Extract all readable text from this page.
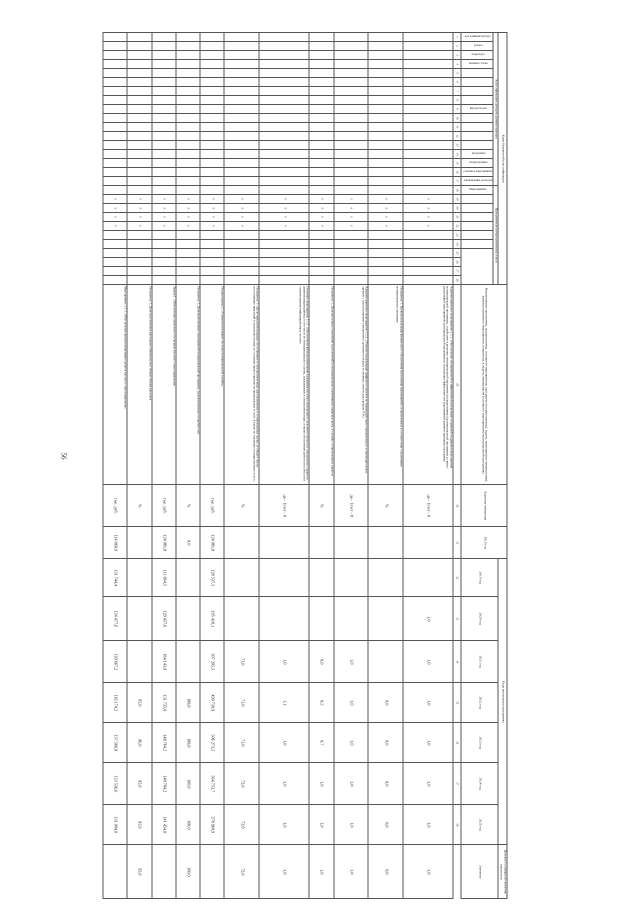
56
Коды бюджетной классификации																												Наименование программы, подпрограммы, основного мероприятия, программы (подпрограммы), задачи, мероприятия (направления), административного мероприятия, показателя, в задачи, мероприятия (основного мероприятия) муниципальной программы	Единица измерения	2018 год	Годы реализации программы							Целевое (суммарное) значение показателя
Классификация доходов администратора																	Программная (непрограммная) статья														2019 год	2020 год	2021 год	2022 год	2023 год	2024 год	2025 год	Значение
код администратора	раздел	подраздел	целевая статья					вид расходов					программа	подпрограмма	основное мероприятие	направление расходов	Мероприятие																					
1	2	3	4	5	6	7	8	9	10	11	12	13	14	15	16	17	18	19	20	21	22	23	24	25	26	27	28	29	30	31	32	33	34	35	36	37	38	
																		0	4	0	0							Административное мероприятие 1.1.1. «Обеспечение своевременной и эффективной реализации и правовой поддержки мероприятий муниципальной программы, содействие в решении муниципальной программы (подпрограммы) муниципальной программы в связи с реализацией мероприятий муниципальной программы и повышения эффективности мероприятий административных программ»	да - 1/нет - 0			1,0	1,0	1,0	1,0	1,0	1,0	1,0
																		0	4	0	0							Показатель 1. Уровень реализации финансового обеспечения исполнения мероприятий, установленных в соответствии с решениями муниципальных программ	%					0,0	0,0	0,0	0,0	0,0
																		0	4	0	0							Административное мероприятие 1.1.2. «Участие в реализации цифрового проекта по взаимодействию учредительных и законодательных органов с использованием электронного документооборота и смежных систем для органов ГОС»	да - 1/нет - 0				1,0	1,0	1,0	1,0	1,0	1,0
																		0	4	0	0							Показатель 1. Доля внесенных изменений (дополнений) в муниципальные нормативные правовые акты, в случаях, установленных законом	%				0,0	0,5	0,7	1,0	1,0	1,0
																		0	4	0	0							Основное мероприятие 1.1.3. «Обеспечение функционирования и развития системы электронного документооборота и электронных сервисов администрации района, в том числе по муниципальным услугам, оказываемым в электронном виде, а также обеспечение работоспособности и сопровождения информационных систем»	да - 1/нет - 0				1,0	1,1	1,0	1,0	1,0	1,0
																		0	4	0	0							Показатель 1. «Доля заявлений граждан, поступивших в электронном виде, рассмотренных в установленные сроки, от общего числа поступивших заявлений в электронном виде, по которым предоставлены муниципальные услуги, а также по оказанию государственных услуг»	%				71,0	71,0	71,0	72,0	72,0	72,0
																		0	4	0	0							Подпрограмма 2. «Совершенствование системы муниципальной службы»	тыс. руб.	124 981,8	128 537,5	195 418,1	307 205,5	499 730,9	506 273,5	564 753,7	278 960,9	
																		0	4	0	0							Показатель 1. Доля выполненных мероприятий муниципальной программы, удовлетворенных потребностей	%	0,0				100,0	100,0	100,0	100,0	100,0
																		0	4	0	0							Задача 1. «Обеспечение деятельности органов местного самоуправления»	тыс. руб.	124 981,8	111 664,5	129 457,6	164 143,9	131 735,0	148 764,2	148 784,2	141 454,0	
																		0	4	0	0							Показатель 1. Доля исполненных расходных обязательств в общем объеме расходов	%					95,0	96,0	95,0	95,0	95,0
																		0	4	0	0							Мероприятие 1.1.1. «Обеспечение функционирования органов местного самоуправления»	тыс. руб.	114 860,9	131 744,4	124 477,6	120 667,2	116 174,2	137 566,0	133 536,6	131 094,0	
